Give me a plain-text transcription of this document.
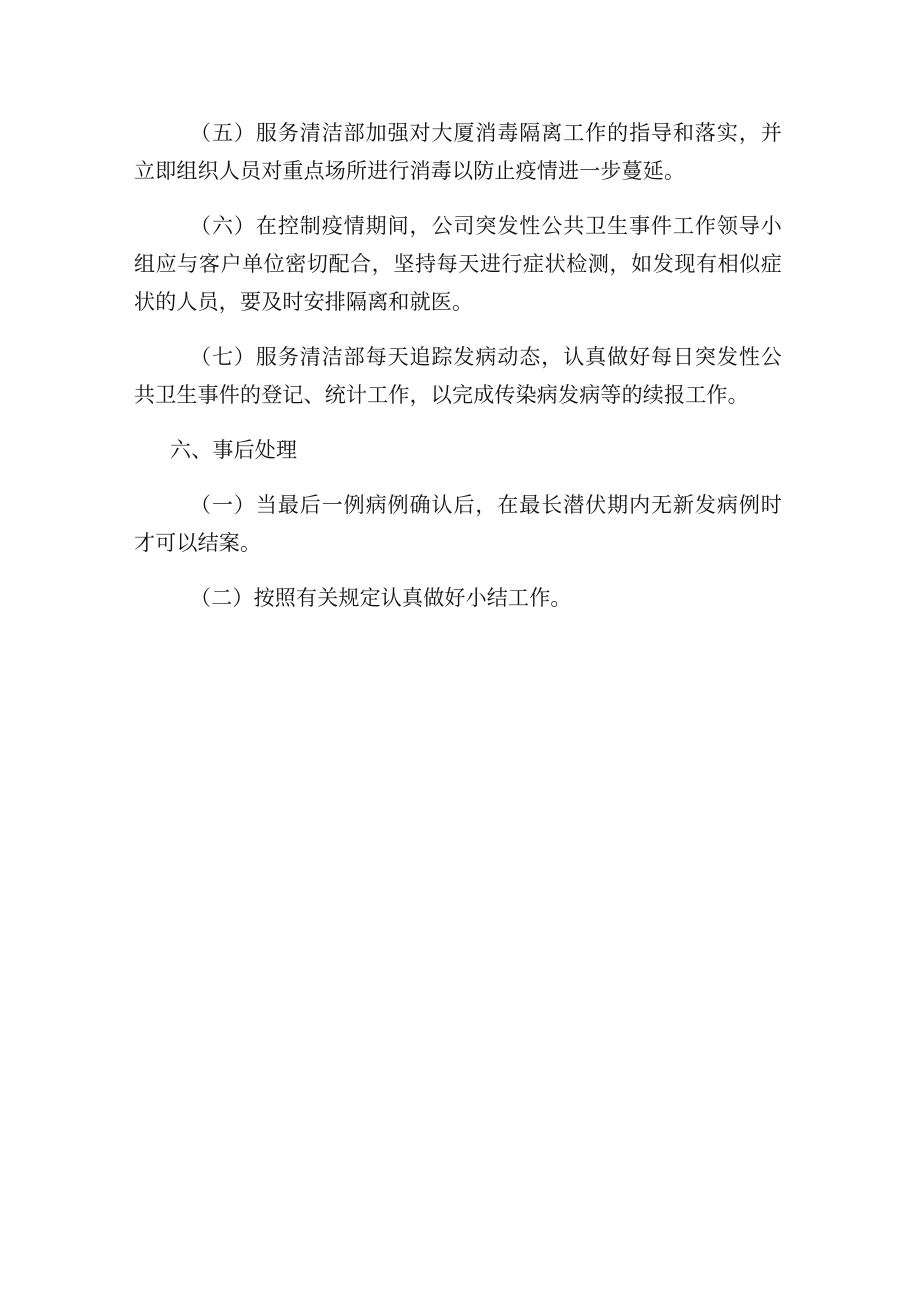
（五）服务清洁部加强对大厦消毒隔离工作的指导和落实，并立即组织人员对重点场所进行消毒以防止疫情进一步蔓延。

（六）在控制疫情期间，公司突发性公共卫生事件工作领导小组应与客户单位密切配合，坚持每天进行症状检测，如发现有相似症状的人员，要及时安排隔离和就医。

（七）服务清洁部每天追踪发病动态，认真做好每日突发性公共卫生事件的登记、统计工作，以完成传染病发病等的续报工作。

六、事后处理

（一）当最后一例病例确认后，在最长潜伏期内无新发病例时才可以结案。

（二）按照有关规定认真做好小结工作。
